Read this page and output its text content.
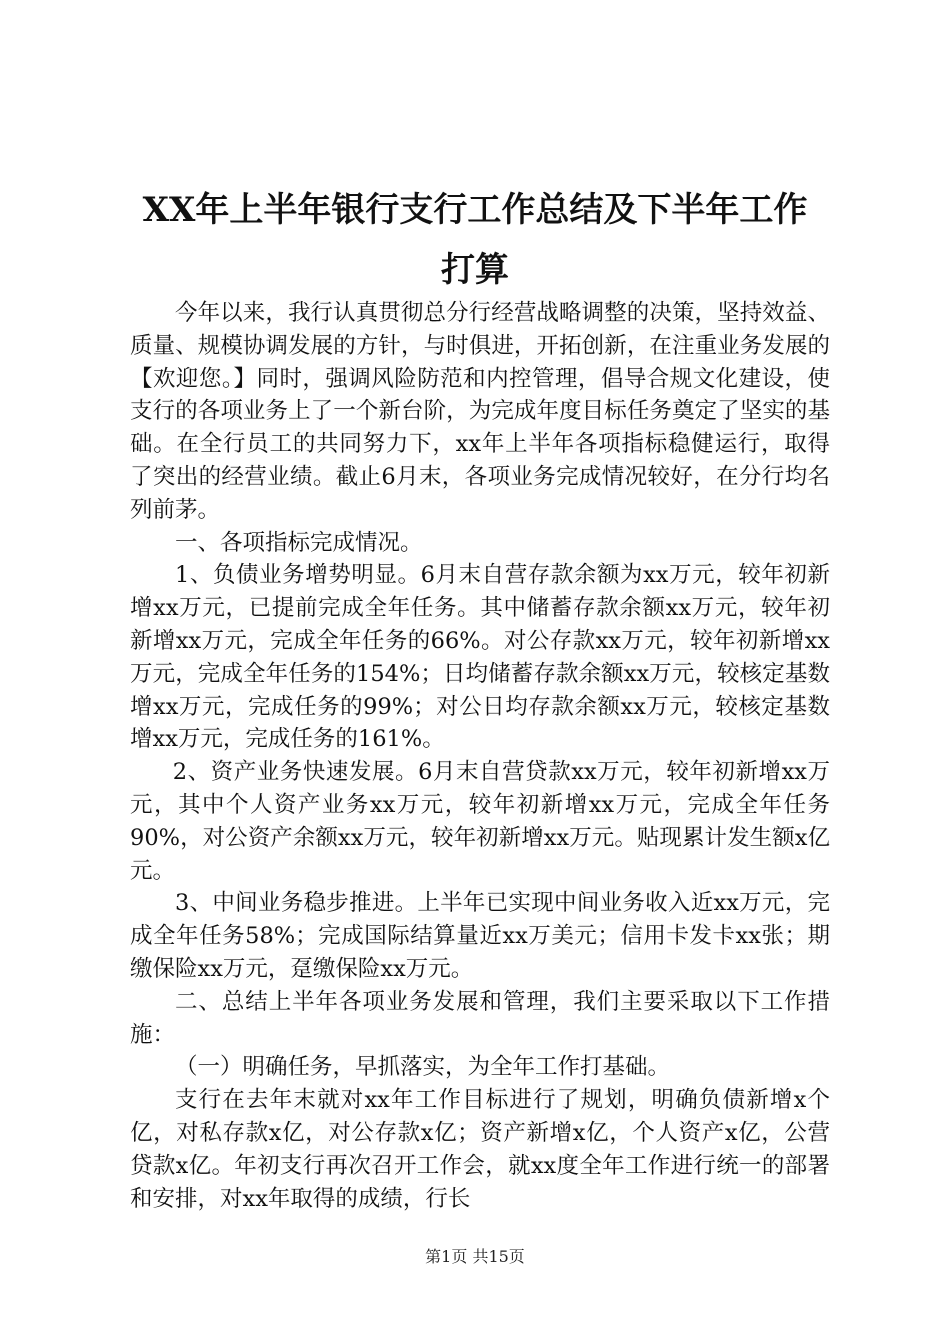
XX年上半年银行支行工作总结及下半年工作
打算

今年以来，我行认真贯彻总分行经营战略调整的决策，坚持效益、质量、规模协调发展的方针，与时俱进，开拓创新，在注重业务发展的【欢迎您。】同时，强调风险防范和内控管理，倡导合规文化建设，使支行的各项业务上了一个新台阶，为完成年度目标任务奠定了坚实的基础。在全行员工的共同努力下，xx年上半年各项指标稳健运行，取得了突出的经营业绩。截止6月末，各项业务完成情况较好，在分行均名列前茅。

一、各项指标完成情况。

1、负债业务增势明显。6月末自营存款余额为xx万元，较年初新增xx万元，已提前完成全年任务。其中储蓄存款余额xx万元，较年初新增xx万元，完成全年任务的66%。对公存款xx万元，较年初新增xx万元，完成全年任务的154%；日均储蓄存款余额xx万元，较核定基数增xx万元，完成任务的99%；对公日均存款余额xx万元，较核定基数增xx万元，完成任务的161%。

2、资产业务快速发展。6月末自营贷款xx万元，较年初新增xx万元，其中个人资产业务xx万元，较年初新增xx万元，完成全年任务90%，对公资产余额xx万元，较年初新增xx万元。贴现累计发生额x亿元。

3、中间业务稳步推进。上半年已实现中间业务收入近xx万元，完成全年任务58%；完成国际结算量近xx万美元；信用卡发卡xx张；期缴保险xx万元，趸缴保险xx万元。

二、总结上半年各项业务发展和管理，我们主要采取以下工作措施：

（一）明确任务，早抓落实，为全年工作打基础。

支行在去年末就对xx年工作目标进行了规划，明确负债新增x个亿，对私存款x亿，对公存款x亿；资产新增x亿，个人资产x亿，公营贷款x亿。年初支行再次召开工作会，就xx度全年工作进行统一的部署和安排，对xx年取得的成绩，行长

第1页 共15页
